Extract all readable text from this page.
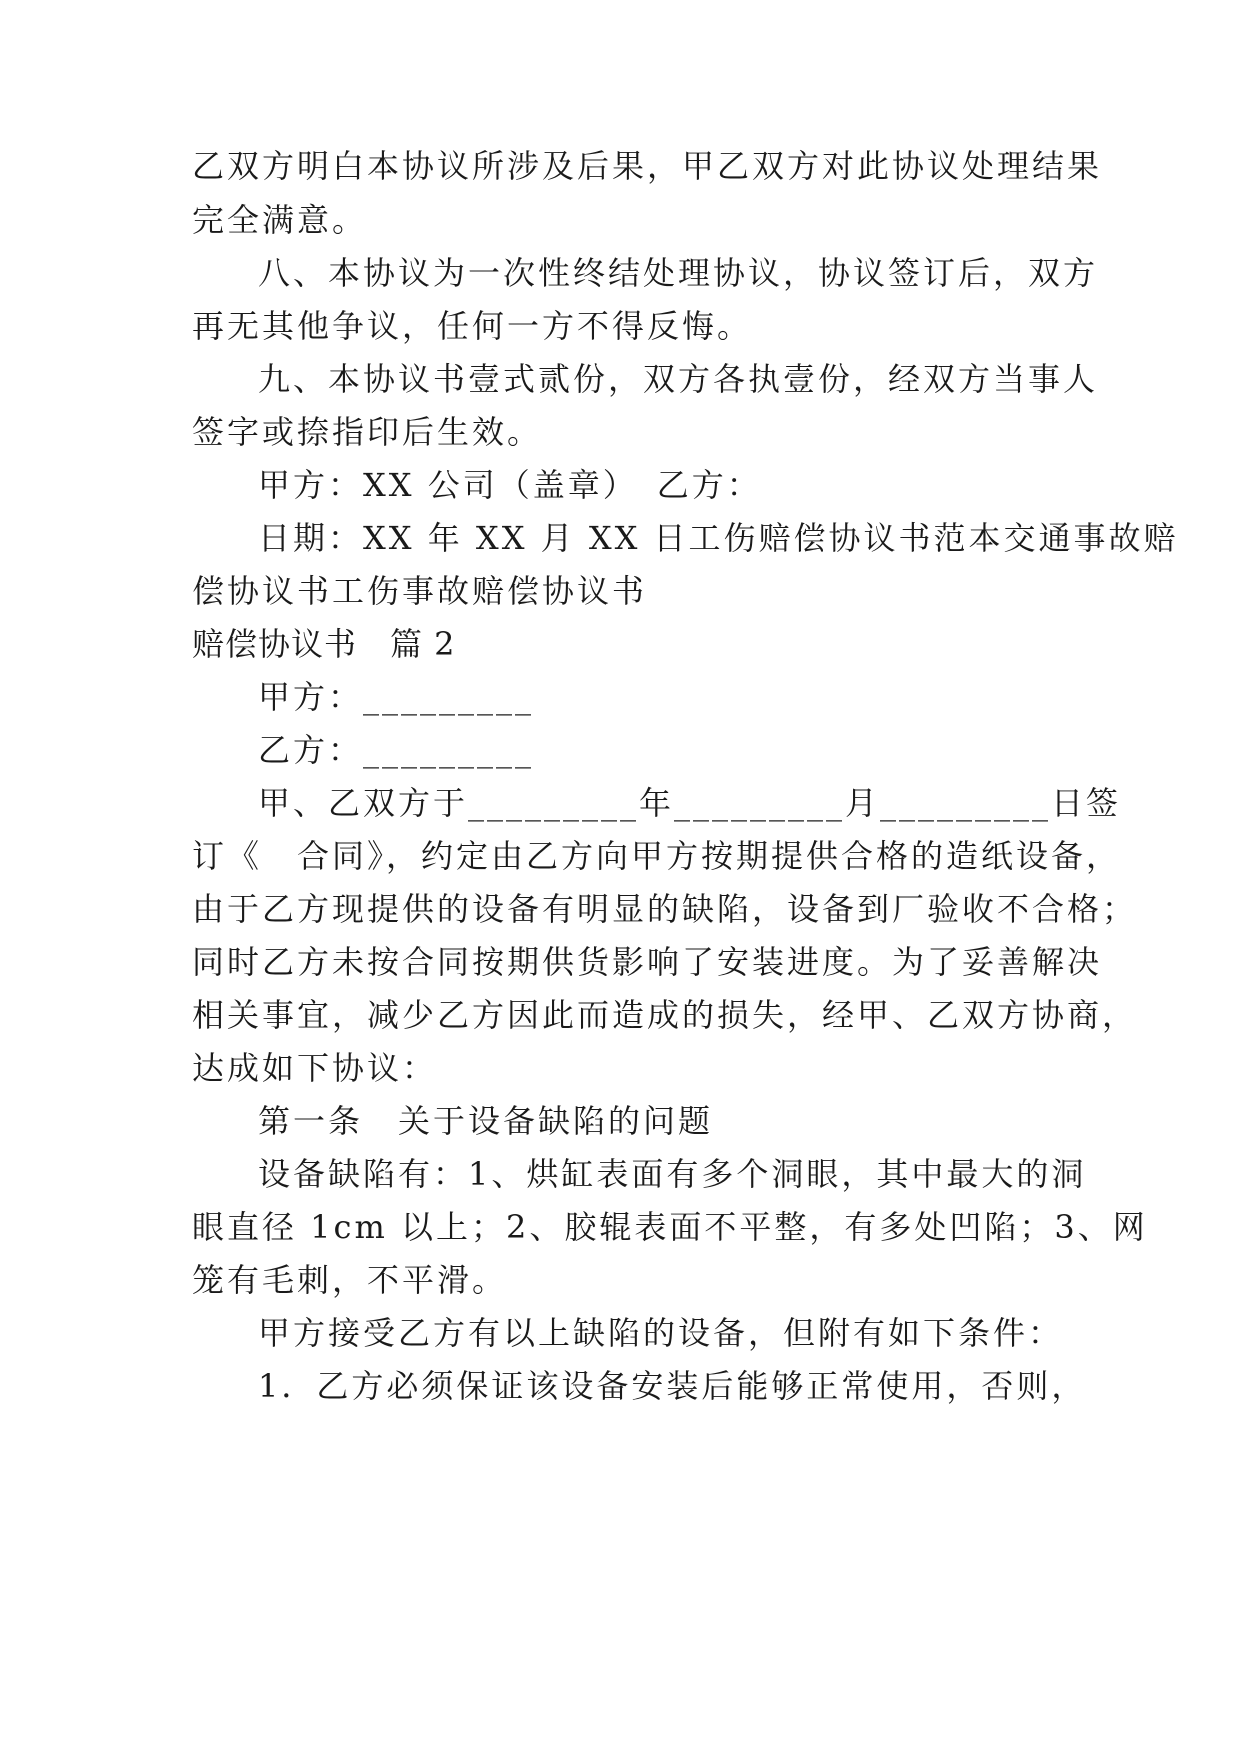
乙双方明白本协议所涉及后果，甲乙双方对此协议处理结果
完全满意。
八、本协议为一次性终结处理协议，协议签订后，双方
再无其他争议，任何一方不得反悔。
九、本协议书壹式贰份，双方各执壹份，经双方当事人
签字或捺指印后生效。
甲方：XX 公司（盖章）　乙方：
日期：XX 年 XX 月 XX 日工伤赔偿协议书范本交通事故赔
偿协议书工伤事故赔偿协议书
赔偿协议书　篇 2
甲方：_________
乙方：_________
甲、乙双方于_________年_________月_________日签
订《　合同》，约定由乙方向甲方按期提供合格的造纸设备，
由于乙方现提供的设备有明显的缺陷，设备到厂验收不合格；
同时乙方未按合同按期供货影响了安装进度。为了妥善解决
相关事宜，减少乙方因此而造成的损失，经甲、乙双方协商，
达成如下协议：
第一条　关于设备缺陷的问题
设备缺陷有：1、烘缸表面有多个洞眼，其中最大的洞
眼直径 1cm 以上；2、胶辊表面不平整，有多处凹陷；3、网
笼有毛刺，不平滑。
甲方接受乙方有以上缺陷的设备，但附有如下条件：
1．乙方必须保证该设备安装后能够正常使用，否则，
